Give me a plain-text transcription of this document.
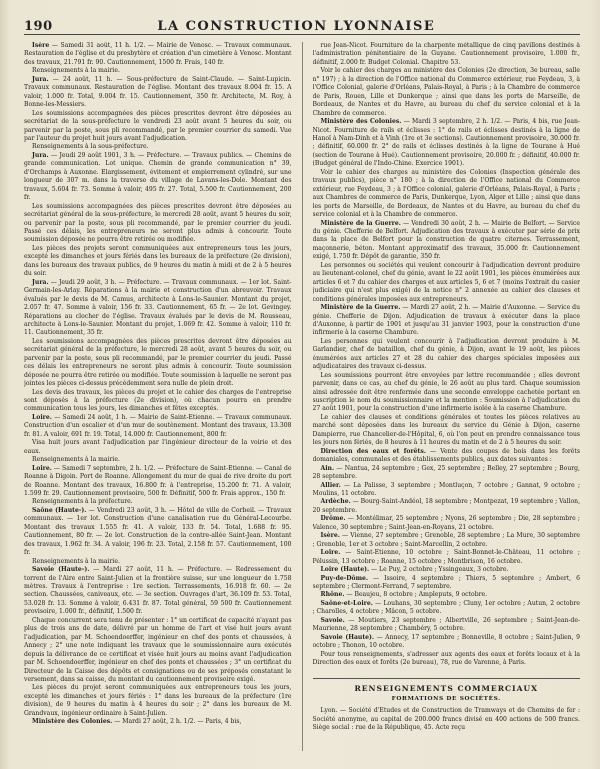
190	LA CONSTRUCTION LYONNAISE

Isère — Samedi 31 août, 11 h. 1/2. — Mairie de Venosc. — Travaux communaux. Restauration de l'église et du presbytère et création d'un cimetière à Venosc. Montant des travaux, 21.791 fr. 90. Cautionnement, 1500 fr. Frais, 140 fr.

Renseignements à la mairie.

Jura. — 24 août, 11 h. — Sous-préfecture de Saint-Claude. — Saint-Lupicin. Travaux communaux. Restauration de l'église. Montant des travaux 8.004 fr. 15. A valoir, 1.000 fr. Total, 9.004 fr. 15. Cautionnement, 350 fr. Architecte, M. Roy, à Bonne-les-Messiers.

Les soumissions accompagnées des pièces prescrites devront être déposées au secrétariat de la sous-préfecture le vendredi 23 août avant 5 heures du soir, ou parvenir par la poste, sous pli recommandé, par le premier courrier du samedi. Vue par l'auteur du projet huit jours avant l'adjudication.

Renseignements à la sous-préfecture.

Jura. — Jeudi 29 août 1901, 3 h. — Préfecture. — Travaux publics. — Chemins de grande communication. Lot unique. Chemin de grande communication n° 39, d'Orchamps à Auxonne. Elargissement, évitement et empierrement cylindré, sur une longueur de 307 m. dans la traverse du village de Lavans-les-Dole. Montant des travaux, 5.604 fr. 73. Somme à valoir, 495 fr. 27. Total, 5.500 fr. Cautionnement, 200 fr.

Les soumissions accompagnées des pièces prescrites devront être déposées au secrétariat général de la sous-préfecture, le mercredi 28 août, avant 5 heures du soir, ou parvenir par la poste, sous pli recommandé, par le premier courrier du jeudi. Passé ces délais, les entrepreneurs ne seront plus admis à concourir. Toute soumission déposée ne pourra être retirée ou modifiée.

Les pièces des projets seront communiquées aux entrepreneurs tous les jours, excepté les dimanches et jours fériés dans les bureaux de la préfecture (2e division), dans les bureaux des travaux publics, de 9 heures du matin à midi et de 2 à 5 heures du soir.

Jura. — Jeudi 29 août, 3 h. — Préfecture. — Travaux communaux. — 1er lot. Saint-Germain-les-Arlay. Réparations à la mairie et construction d'un abreuvoir. Travaux évalués par le devis de M. Camus, architecte à Lons-le-Saunier. Montant du projet, 2.057 fr. 47. Somme à valoir, 156 fr. 33. Cautionnement, 65 fr. — 2e lot. Gevingey. Réparations au clocher de l'église. Travaux évalués par le devis de M. Rousseau, architecte à Lons-le-Saunier. Montant du projet, 1.069 fr. 42. Somme à valoir, 110 fr. 11. Cautionnement, 35 fr.

Les soumissions accompagnées des pièces prescrites devront être déposées au secrétariat général de la préfecture, le mercredi 28 août, avant 5 heures du soir, ou parvenir par la poste, sous pli recommandé, par le premier courrier du jeudi. Passé ces délais les entrepreneurs ne seront plus admis à concourir. Toute soumission déposée ne pourra être retirée ou modifiée. Toute soumission à laquelle ne seront pas jointes les pièces ci-dessus précédemment sera nulle de plein droit.

Les devis des travaux, les pièces du projet et le cahier des charges de l'entreprise sont déposés à la préfecture (2e division), où chacun pourra en prendre communication tous les jours, les dimanches et fêtes exceptés.

Loire. — Samedi 24 août, 1 h. — Mairie de Saint-Etienne. — Travaux communaux. Construction d'un escalier et d'un mur de soutènement. Montant des travaux, 13.308 fr. 81. A valoir, 691 fr. 19. Total, 14.000 fr. Cautionnement, 800 fr.

Visa huit jours avant l'adjudication par l'ingénieur directeur de la voirie et des eaux.

Renseignements à la mairie.

Loire. — Samedi 7 septembre, 2 h. 1/2. — Préfecture de Saint-Etienne. — Canal de Roanne à Digoin. Port de Roanne. Allongement du mur de quai de rive droite du port de Roanne. Montant des travaux, 16.800 fr. à l'entreprise, 15.200 fr. 71. A valoir, 1.599 fr. 29. Cautionnement provisoire, 500 fr. Définitif, 500 fr. Frais approx., 150 fr.

Renseignements à la préfecture.

Saône (Haute-). — Vendredi 23 août, 3 h. — Hôtel de ville de Corbeil. — Travaux communaux. — 1er lot. Construction d'une canalisation rue du Général-Lecourbe. Montant des travaux 1.555 fr. 41. A valoir, 133 fr. 54. Total, 1.688 fr. 95. Cautionnement, 80 fr. — 2e lot. Construction de la contre-allée Saint-Jean. Montant des travaux, 1.962 fr. 34. A valoir, 196 fr. 23. Total, 2.158 fr. 57. Cautionnement, 100 fr.

Renseignements à la mairie.

Savoie (Haute-). — Mardi 27 août, 11 h. — Préfecture. — Redressement du torrent de l'Aire entre Saint-Julien et la frontière suisse, sur une longueur de 1.758 mètres. Travaux à l'entreprise : 1re section. Terrassements, 16.918 fr. 60. — 2e section. Chaussées, caniveaux, etc. — 3e section. Ouvrages d'art, 36.109 fr. 53. Total, 53.028 fr. 13. Somme à valoir, 6.431 fr. 87. Total général, 59 500 fr. Cautionnement provisoire, 1.000 fr., définitif, 1.500 fr.

Chaque concurrent sera tenu de présenter : 1° un certificat de capacité n'ayant pas plus de trois ans de date, délivré par un homme de l'art et visé huit jours avant l'adjudication, par M. Schoendoerffer, ingénieur en chef des ponts et chaussées, à Annecy ; 2° une note indiquant les travaux que le soumissionnaire aura exécutés depuis la délivrance de ce certificat et visée huit jours au moins avant l'adjudication par M. Schoendoerffer, ingénieur en chef des ponts et chaussées ; 3° un certificat du Directeur de la Caisse des dépôts et consignations ou de ses préposés constatant le versement, dans sa caisse, du montant du cautionnement provisoire exigé.

Les pièces du projet seront communiquées aux entrepreneurs tous les jours, excepté les dimanches et jours fériés : 1° dans les bureaux de la préfecture (1re division), de 9 heures du matin à 4 heures du soir ; 2° dans les bureaux de M. Grandvaux, ingénieur ordinaire à Saint-Julien.

Ministère des Colonies. — Mardi 27 août, 2 h. 1/2. — Paris, 4 bis,

rue Jean-Nicot. Fourniture de la charpente métallique de cinq pavillons destinés à l'administration pénitentiaire de la Guyane. Cautionnement provisoire, 1.000 fr., définitif, 2.000 fr. Budget Colonial. Chapitre 53.

Voir le cahier des charges au ministère des Colonies (2e direction, 3e bureau, salle n° 197) ; à la direction de l'Office national du Commerce extérieur, rue Feydeau, 3, à l'Office Colonial, galerie d'Orléans, Palais-Royal, à Paris ; à la Chambre de commerce de Paris, Rouen, Lille et Dunkerque ; ainsi que dans les ports de Marseille, de Bordeaux, de Nantes et du Havre, au bureau du chef du service colonial et à la Chambre de commerce.

Ministère des Colonies. — Mardi 3 septembre, 2 h. 1/2. — Paris, 4 bis, rue Jean-Nicot. Fourniture de rails et éclisses : 1° de rails et éclisses destinés à la ligne de Hanoï à Nam-Dinh et à Vinh (1re et 3e sections). Cautionnement provisoire, 30.000 fr. ; définitif, 60.000 fr. 2° de rails et éclisses destinés à la ligne de Tourane à Hué (section de Tourane à Hué). Cautionnement provisoire, 20.000 fr. ; définitif, 40.000 fr. (Budget général de l'Indo-Chine. Exercice 1901).

Voir le cahier des charges au ministère des Colonies (Inspection générale des travaux publics), pièce n° 180 ; à la direction de l'Office national du Commerce extérieur, rue Feydeau, 3 ; à l'Office colonial, galerie d'Orléans, Palais-Royal, à Paris ; aux Chambres de commerce de Paris, Dunkerque, Lyon, Alger et Lille ; ainsi que dans les ports de Marseille, de Bordeaux, de Nantes et du Havre, au bureau du chef du service colonial et à la Chambre de commerce.

Ministère de la Guerre. — Vendredi 30 août, 2 h. — Mairie de Belfort. — Service du génie. Chefferie de Belfort. Adjudication des travaux à exécuter par série de prix dans la place de Belfort pour la construction de quatre citernes. Terrassement, maçonnerie, béton. Montant approximatif des travaux, 35.000 fr. Cautionnement exigé, 1.750 fr. Dépôt de garantie, 350 fr.

Les personnes ou sociétés qui veulent concourir à l'adjudication devront produire au lieutenant-colonel, chef du génie, avant le 22 août 1901, les pièces énumérées aux articles 6 et 7 du cahier des charges et aux articles 5, 6 et 7 (moins l'extrait du casier judiciaire qui n'est plus exigé) de la notice n° 2 annexée au cahier des clauses et conditions générales imposées aux entrepreneurs.

Ministère de la Guerre. — Mardi 27 août, 2 h. — Mairie d'Auxonne. — Service du génie. Chefferie de Dijon. Adjudication de travaux à exécuter dans la place d'Auxonne, à partir de 1901 et jusqu'au 31 janvier 1903, pour la construction d'une infirmerie à la caserne Chambure.

Les personnes qui veulent concourir à l'adjudication devront produire à M. Garlandier, chef de bataillon, chef du génie, à Dijon, avant le 19 août, les pièces énumérées aux articles 27 et 28 du cahier des charges spéciales imposées aux adjudicataires des travaux ci-dessus.

Les soumissions pourront être envoyées par lettre recommandée ; elles devront parvenir, dans ce cas, au chef du génie, le 26 août au plus tard. Chaque soumission ainsi adressée doit être renfermée dans une seconde enveloppe cachetée portant en suscription le nom du soumissionnaire et la mention : Soumission à l'adjudication du 27 août 1901, pour la construction d'une infirmerie isolée à la caserne Chambure.

Le cahier des clauses et conditions générales et toutes les pièces relatives au marché sont déposées dans les bureaux du service du Génie à Dijon, caserne Dampierre, rue Chancelier-de-l'Hôpital, 6, où l'on peut en prendre connaissance tous les jours non fériés, de 8 heures à 11 heures du matin et de 2 à 5 heures du soir.

Direction des eaux et forêts. — Vente des coupes de bois dans les forêts domaniales, communales et des établissements publics, aux dates suivantes :

Ain. — Nantua, 24 septembre ; Gex, 25 septembre ; Belley, 27 septembre ; Bourg, 28 septembre.

Allier. — La Palisse, 3 septembre ; Montluçon, 7 octobre ; Gannat, 9 octobre ; Moulins, 11 octobre.

Ardèche. — Bourg-Saint-Andéol, 18 septembre ; Montpezat, 19 septembre ; Vallon, 20 septembre.

Drôme. — Montélimar, 25 septembre ; Nyons, 26 septembre ; Die, 28 septembre ; Valence, 30 septembre ; Saint-Jean-en-Royans, 21 octobre.

Isère. — Vienne, 27 septembre ; Grenoble, 28 septembre ; La Mure, 30 septembre ; Grenoble, 1er et 3 octobre ; Saint-Marcellin, 2 octobre.

Loire. — Saint-Etienne, 10 octobre ; Saint-Bonnet-le-Château, 11 octobre ; Pélussin, 13 octobre ; Roanne, 15 octobre ; Montbrison, 16 octobre.

Loire (Haute). — Le Puy, 2 octobre ; Yssingeaux, 3 octobre.

Puy-de-Dôme. — Issoire, 4 septembre ; Thiers, 5 septembre ; Ambert, 6 septembre ; Clermont-Ferrand, 7 septembre.

Rhône. — Beaujeu, 8 octobre ; Ampleputs, 9 octobre.

Saône-et-Loire. — Louhans, 30 septembre ; Cluny, 1er octobre ; Autun, 2 octobre ; Charolles, 4 octobre ; Mâcon, 5 octobre.

Savoie. — Moutiers, 23 septembre ; Albertville, 26 septembre ; Saint-Jean-de-Maurienne, 28 septembre ; Chambéry, 5 octobre.

Savoie (Haute). — Annecy, 17 septembre ; Bonneville, 8 octobre ; Saint-Julien, 9 octobre ; Thonon, 10 octobre.

Pour tous renseignements, s'adresser aux agents des eaux et forêts locaux et à la Direction des eaux et forêts (2e bureau), 78, rue de Varenne, à Paris.

RENSEIGNEMENTS COMMERCIAUX
FORMATIONS DE SOCIÉTÉS.

Lyon. — Société d'Etudes et de Construction de Tramways et de Chemins de fer : Société anonyme, au capital de 200.000 francs divisé en 400 actions de 500 francs. Siège social : rue de la République, 45. Acte reçu
